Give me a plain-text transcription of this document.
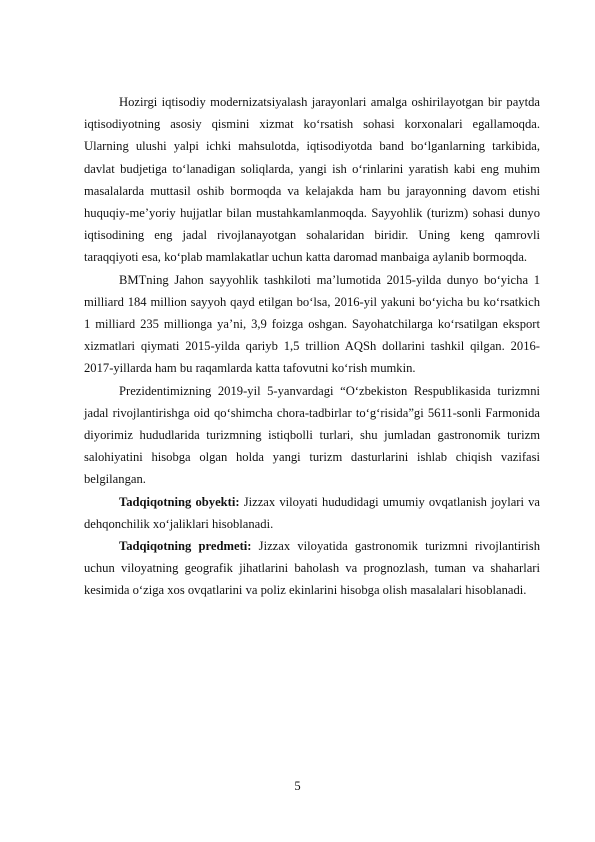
Hozirgi iqtisodiy modernizatsiyalash jarayonlari amalga oshirilayotgan bir paytda iqtisodiyotning asosiy qismini xizmat ko‘rsatish sohasi korxonalari egallamoqda. Ularning ulushi yalpi ichki mahsulotda, iqtisodiyotda band bo‘lganlarning tarkibida, davlat budjetiga to‘lanadigan soliqlarda, yangi ish o‘rinlarini yaratish kabi eng muhim masalalarda muttasil oshib bormoqda va kelajakda ham bu jarayonning davom etishi huquqiy-me’yoriy hujjatlar bilan mustahkamlanmoqda. Sayyohlik (turizm) sohasi dunyo iqtisodining eng jadal rivojlanayotgan sohalaridan biridir. Uning keng qamrovli taraqqiyoti esa, ko‘plab mamlakatlar uchun katta daromad manbaiga aylanib bormoqda.

BMTning Jahon sayyohlik tashkiloti ma’lumotida 2015-yilda dunyo bo‘yicha 1 milliard 184 million sayyoh qayd etilgan bo‘lsa, 2016-yil yakuni bo‘yicha bu ko‘rsatkich 1 milliard 235 millionga ya’ni, 3,9 foizga oshgan. Sayohatchilarga ko‘rsatilgan eksport xizmatlari qiymati 2015-yilda qariyb 1,5 trillion AQSh dollarini tashkil qilgan. 2016-2017-yillarda ham bu raqamlarda katta tafovutni ko‘rish mumkin.

Prezidentimizning 2019-yil 5-yanvardagi “O‘zbekiston Respublikasida turizmni jadal rivojlantirishga oid qo‘shimcha chora-tadbirlar to‘g‘risida”gi 5611-sonli Farmonida diyorimiz hududlarida turizmning istiqbolli turlari, shu jumladan gastronomik turizm salohiyatini hisobga olgan holda yangi turizm dasturlarini ishlab chiqish vazifasi belgilangan.

Tadqiqotning obyekti: Jizzax viloyati hududidagi umumiy ovqatlanish joylari va dehqonchilik xo‘jaliklari hisoblanadi.

Tadqiqotning predmeti: Jizzax viloyatida gastronomik turizmni rivojlantirish uchun viloyatning geografik jihatlarini baholash va prognozlash, tuman va shaharlari kesimida o‘ziga xos ovqatlarini va poliz ekinlarini hisobga olish masalalari hisoblanadi.

5
